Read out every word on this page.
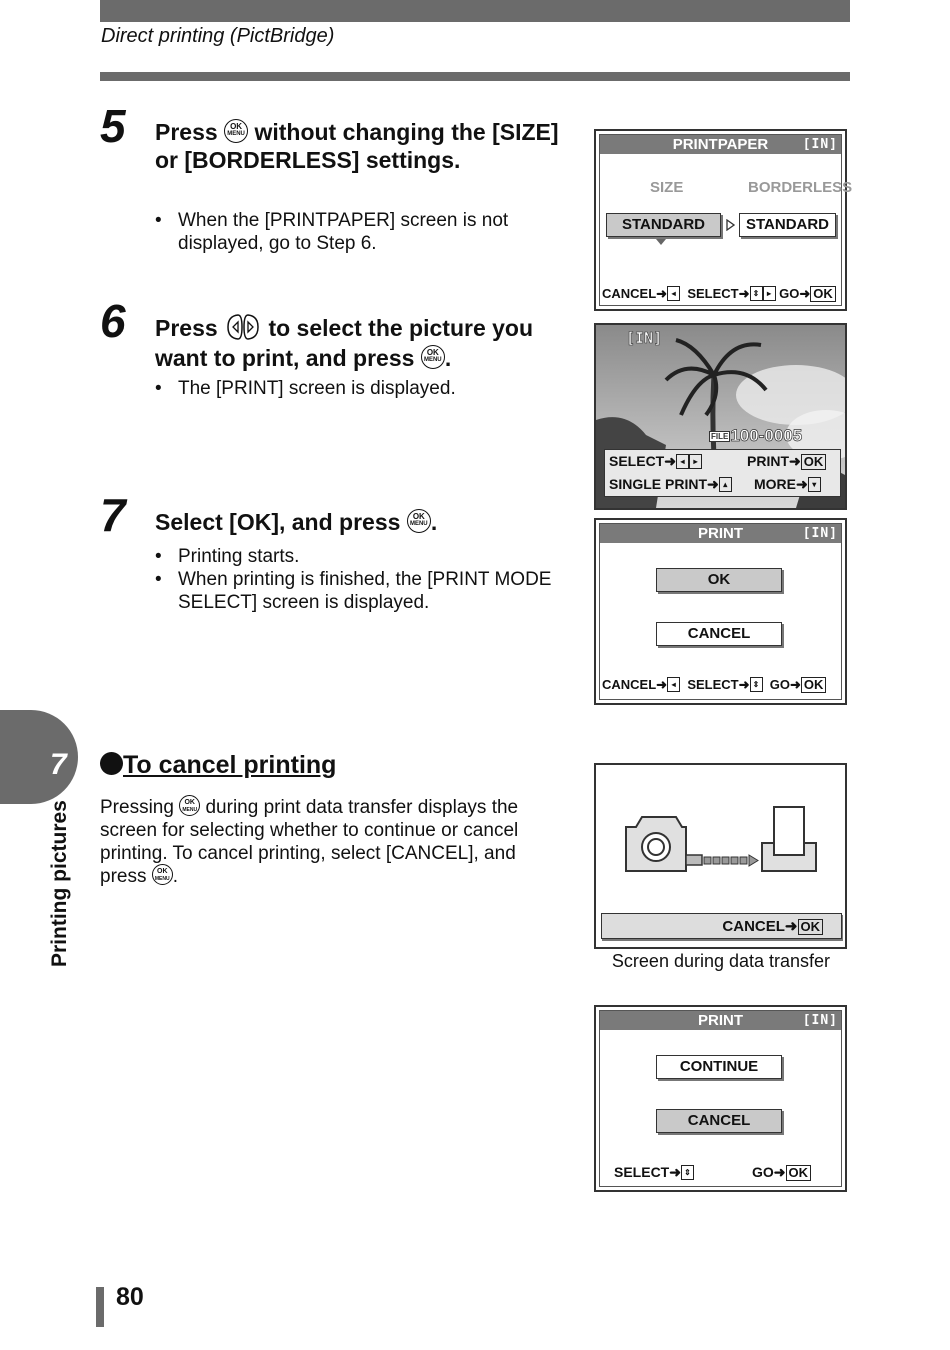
Direct printing (PictBridge)
5 Press	OK
MENU without changing the [SIZE] or [BORDERLESS] settings.
• When the [PRINTPAPER] screen is not displayed, go to Step 6.
6 Press to select the picture you want to print, and press	OK
MENU .
• The [PRINT] screen is displayed.
7 Select [OK], and press	OK
MENU .
• Printing starts.
• When printing is finished, the [PRINT MODE SELECT] screen is displayed.
PRINTPAPER	[IN]
SIZE	BORDERLESS
STANDARD	STANDARD
CANCEL➜ ◂ SELECT➜ ⇕ ▸ GO➜ OK
[IN]
FILE 100-0005
SELECT➜ ◂ ▸	PRINT➜ OK
SINGLE PRINT➜ ▴	MORE➜ ▾
PRINT	[IN]
OK
CANCEL
CANCEL➜ ◂ SELECT➜ ⇕ GO➜ OK
7
Printing pictures
To cancel printing
Pressing	OK
MENU during print data transfer displays the screen for selecting whether to continue or cancel printing. To cancel printing, select [CANCEL], and press	OK
MENU .
CANCEL➜ OK
Screen during data transfer
PRINT	[IN]
CONTINUE
CANCEL
SELECT➜ ⇕	GO➜ OK
80
